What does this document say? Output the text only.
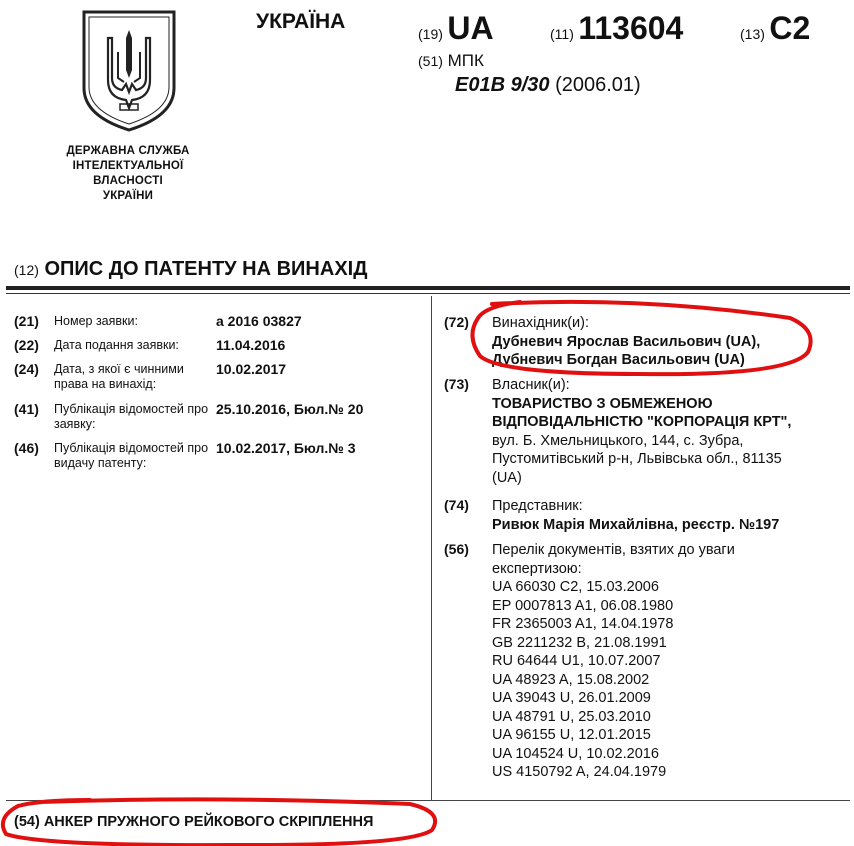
ДЕРЖАВНА СЛУЖБА
ІНТЕЛЕКТУАЛЬНОЇ
ВЛАСНОСТІ
УКРАЇНИ
УКРАЇНА
(19) UA	(11) 113604	(13) C2
(51) МПК
E01B 9/30 (2006.01)
(12) ОПИС ДО ПАТЕНТУ НА ВИНАХІД
(21) Номер заявки:	а 2016 03827
(22) Дата подання заявки:	11.04.2016
(24) Дата, з якої є чинними права на винахід:
10.02.2017
(41) Публікація відомостей про заявку:
25.10.2016, Бюл.№ 20
(46) Публікація відомостей про видачу патенту:
10.02.2017, Бюл.№ 3
(72) Винахідник(и):
Дубневич Ярослав Васильович (UA),
Дубневич Богдан Васильович (UA)
(73) Власник(и):
ТОВАРИСТВО З ОБМЕЖЕНОЮ
ВІДПОВІДАЛЬНІСТЮ "КОРПОРАЦІЯ КРТ",
вул. Б. Хмельницького, 144, с. Зубра,
Пустомитівський р-н, Львівська обл., 81135
(UA)
(74) Представник:
Ривюк Марія Михайлівна, реєстр. №197
(56) Перелік документів, взятих до уваги
експертизою:
UA 66030 C2, 15.03.2006
EP 0007813 A1, 06.08.1980
FR 2365003 A1, 14.04.1978
GB 2211232 B, 21.08.1991
RU 64644 U1, 10.07.2007
UA 48923 A, 15.08.2002
UA 39043 U, 26.01.2009
UA 48791 U, 25.03.2010
UA 96155 U, 12.01.2015
UA 104524 U, 10.02.2016
US 4150792 A, 24.04.1979
(54) АНКЕР ПРУЖНОГО РЕЙКОВОГО СКРІПЛЕННЯ
